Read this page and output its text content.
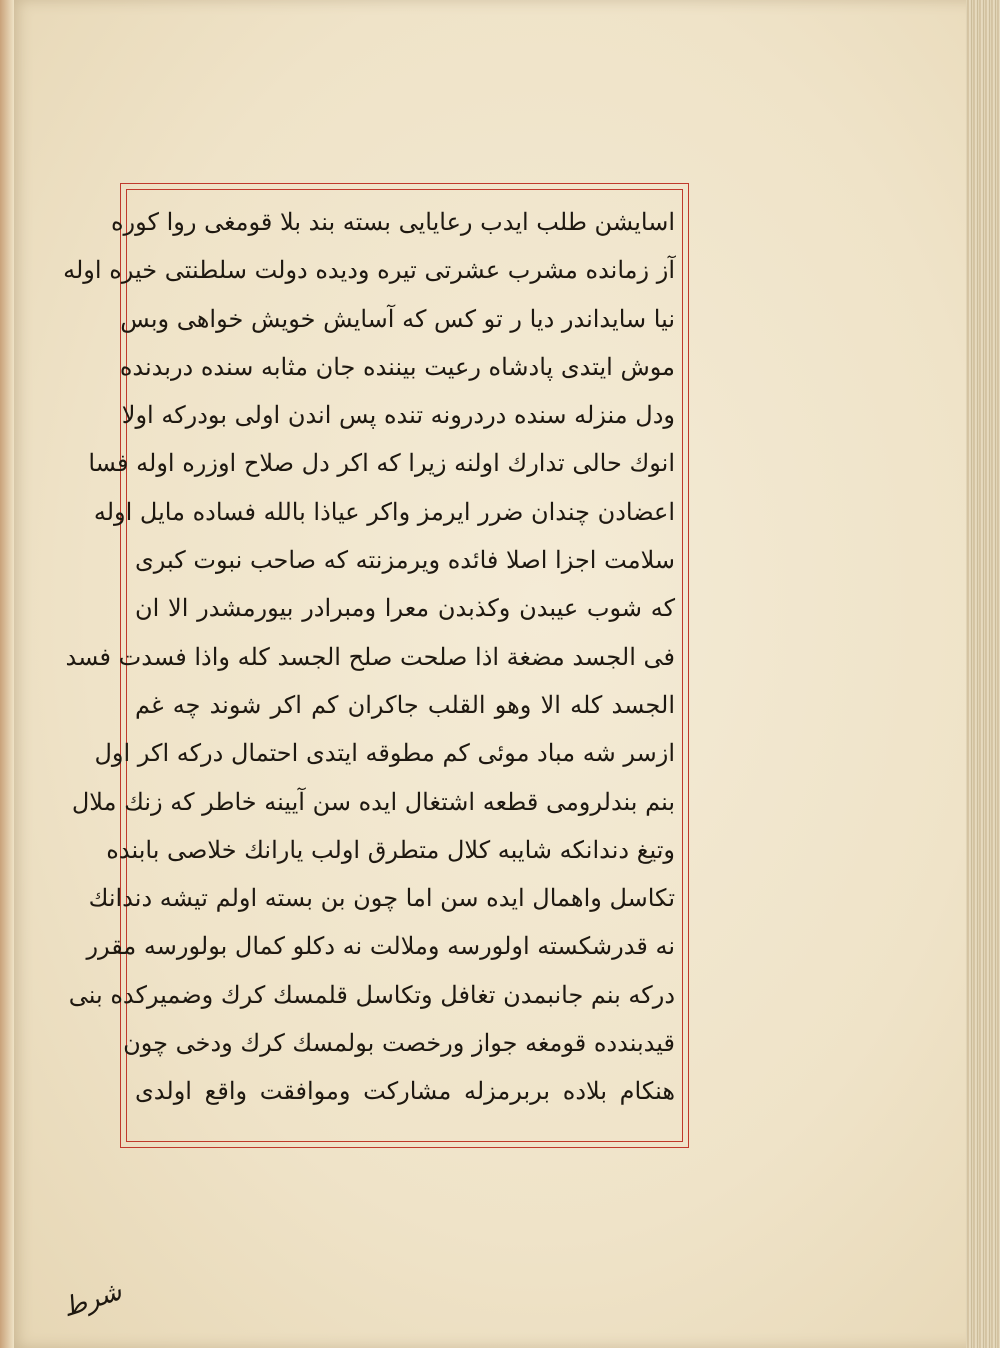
اسایشن طلب ایدب رعایایی بسته بند بلا قومغی روا کوره
آز زمانده مشرب عشرتی تیره ودیده دولت سلطنتی خیره اوله
نیا سایداندر دیا ر تو کس که آسایش خویش خواهی وبس
موش ایتدی پادشاه رعیت بیننده جان مثابه سنده دربدنده
ودل منزله سنده دردرونه تنده پس اندن اولی بودرکه اولا
انوك حالی تدارك اولنه زیرا که اکر دل صلاح اوزره اوله فسا
اعضادن چندان ضرر ایرمز واکر عیاذا بالله فساده مایل اوله
سلامت اجزا اصلا فائده ویرمزنته که صاحب نبوت کبری
که شوب عیبدن وکذبدن معرا ومبرادر بیورمشدر الا ان
فی الجسد مضغة اذا صلحت صلح الجسد کله واذا فسدت فسد
الجسد کله الا وهو القلب جاکران کم اکر شوند چه غم
ازسر شه مباد موئی کم مطوقه ایتدی احتمال درکه اکر اول
بنم بندلرومی قطعه اشتغال ایده سن آیینه خاطر که زنك ملال
وتیغ دندانکه شایبه کلال متطرق اولب یارانك خلاصی بابنده
تکاسل واهمال ایده سن اما چون بن بسته اولم تیشه دندانك
نه قدرشکسته اولورسه وملالت نه دکلو کمال بولورسه مقرر
درکه بنم جانبمدن تغافل وتکاسل قلمسك کرك وضمیرکده بنی
قیدبندده قومغه جواز ورخصت بولمسك کرك ودخی چون
هنکام بلاده بربرمزله مشارکت وموافقت واقع اولدی
شرط
